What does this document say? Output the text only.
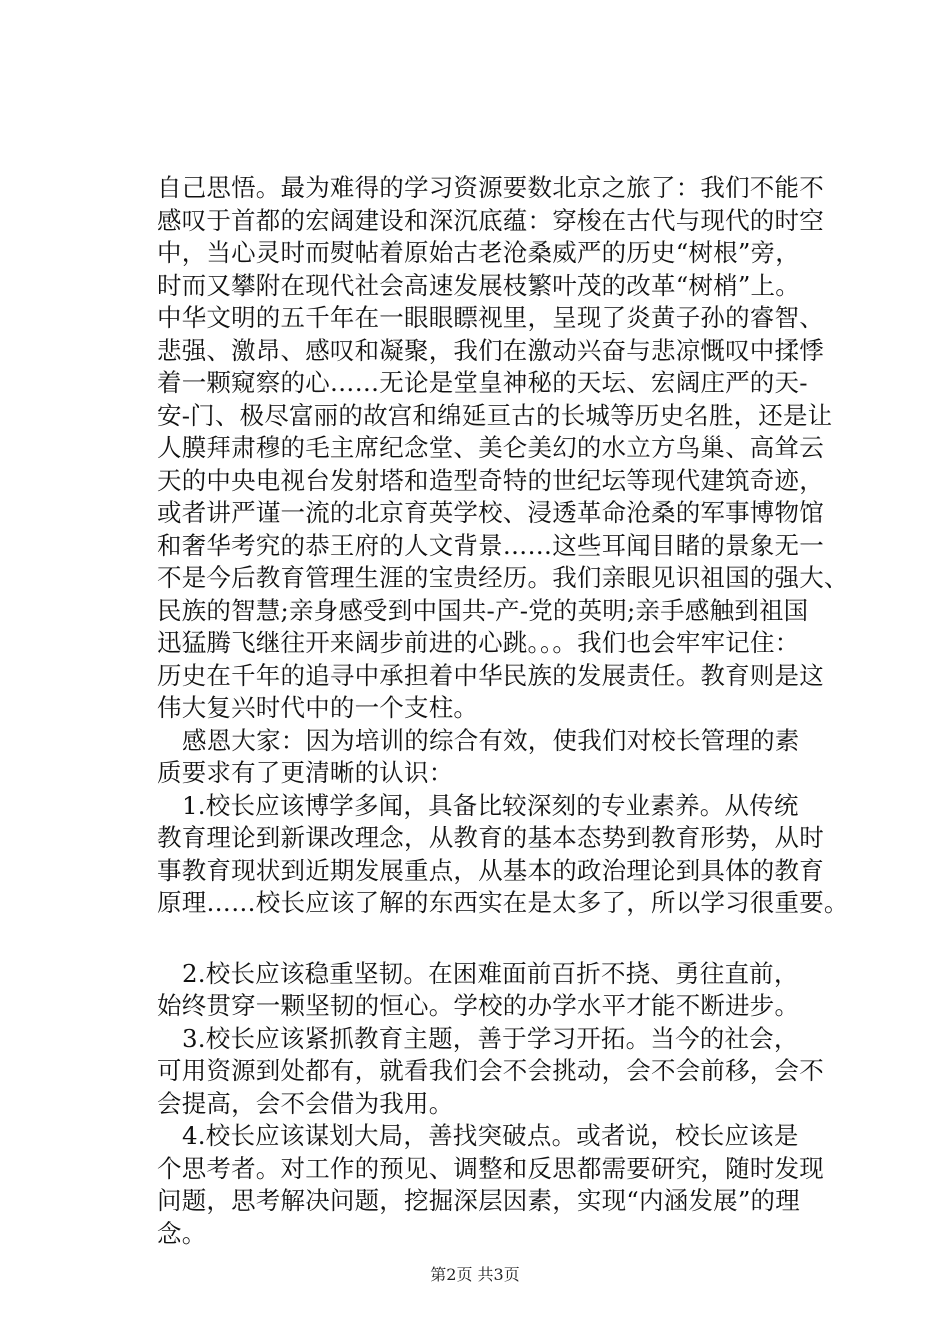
自己思悟。最为难得的学习资源要数北京之旅了：我们不能不
感叹于首都的宏阔建设和深沉底蕴：穿梭在古代与现代的时空
中，当心灵时而熨帖着原始古老沧桑威严的历史“树根”旁，
时而又攀附在现代社会高速发展枝繁叶茂的改革“树梢”上。
中华文明的五千年在一眼眼瞟视里，呈现了炎黄子孙的睿智、
悲强、激昂、感叹和凝聚，我们在激动兴奋与悲凉慨叹中揉悸
着一颗窥察的心……无论是堂皇神秘的天坛、宏阔庄严的天-
安-门、极尽富丽的故宫和绵延亘古的长城等历史名胜，还是让
人膜拜肃穆的毛主席纪念堂、美仑美幻的水立方鸟巢、高耸云
天的中央电视台发射塔和造型奇特的世纪坛等现代建筑奇迹，
或者讲严谨一流的北京育英学校、浸透革命沧桑的军事博物馆
和奢华考究的恭王府的人文背景……这些耳闻目睹的景象无一
不是今后教育管理生涯的宝贵经历。我们亲眼见识祖国的强大、
民族的智慧;亲身感受到中国共-产-党的英明;亲手感触到祖国
迅猛腾飞继往开来阔步前进的心跳。。。我们也会牢牢记住：
历史在千年的追寻中承担着中华民族的发展责任。教育则是这
伟大复兴时代中的一个支柱。
感恩大家：因为培训的综合有效，使我们对校长管理的素
质要求有了更清晰的认识：
1.校长应该博学多闻，具备比较深刻的专业素养。从传统
教育理论到新课改理念，从教育的基本态势到教育形势，从时
事教育现状到近期发展重点，从基本的政治理论到具体的教育
原理……校长应该了解的东西实在是太多了，所以学习很重要。
2.校长应该稳重坚韧。在困难面前百折不挠、勇往直前，
始终贯穿一颗坚韧的恒心。学校的办学水平才能不断进步。
3.校长应该紧抓教育主题，善于学习开拓。当今的社会，
可用资源到处都有，就看我们会不会挑动，会不会前移，会不
会提高，会不会借为我用。
4.校长应该谋划大局，善找突破点。或者说，校长应该是
个思考者。对工作的预见、调整和反思都需要研究，随时发现
问题，思考解决问题，挖掘深层因素，实现“内涵发展”的理
念。
第2页 共3页
